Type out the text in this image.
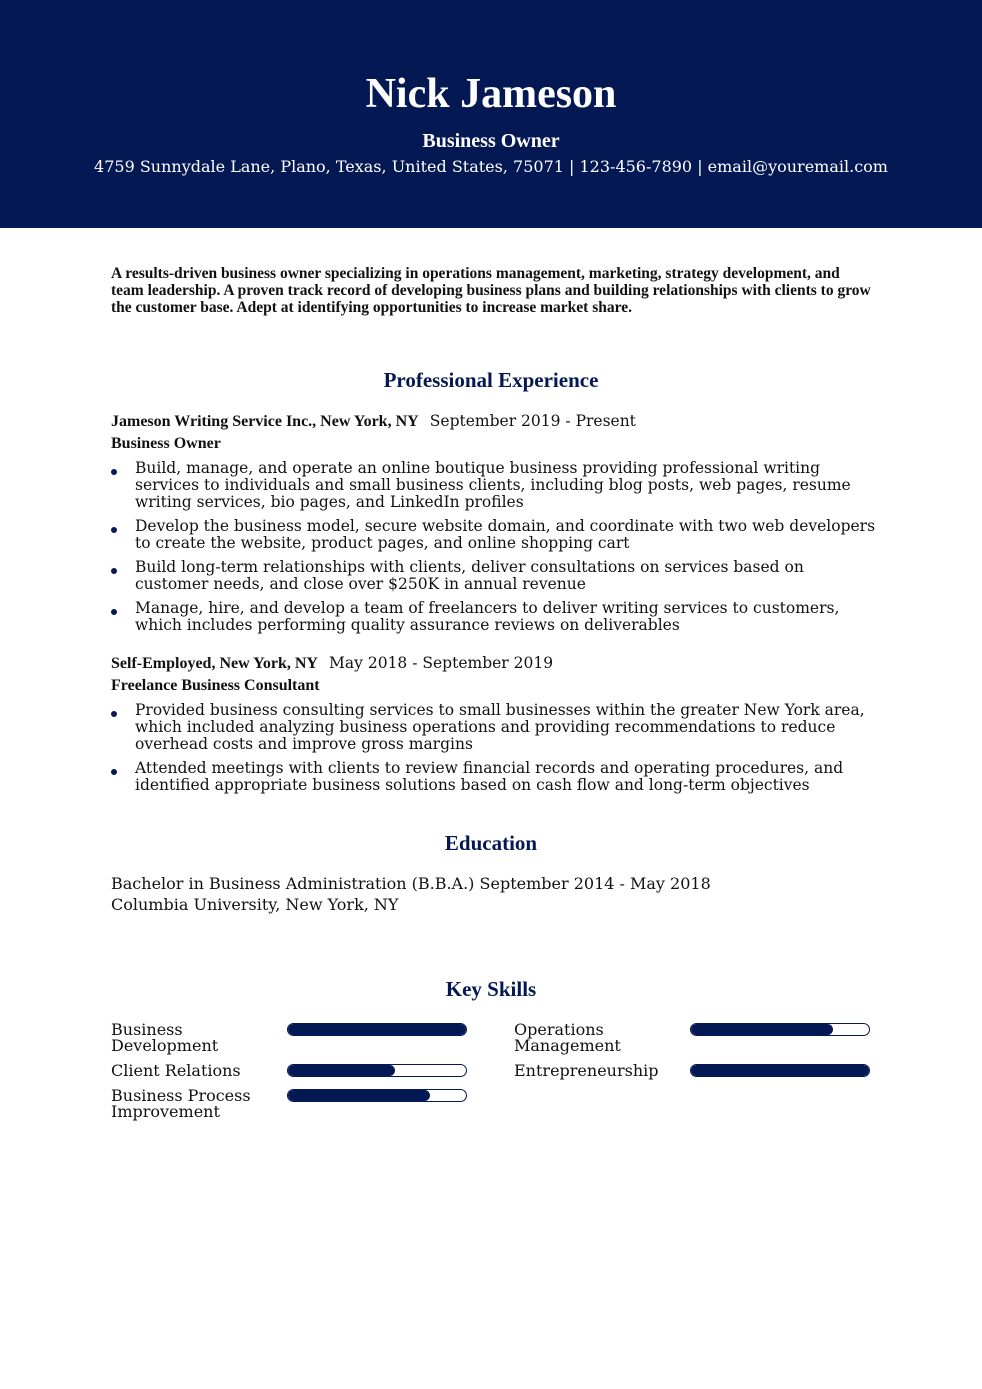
Nick Jameson
Business Owner
4759 Sunnydale Lane, Plano, Texas, United States, 75071 | 123-456-7890 | email@youremail.com

A results-driven business owner specializing in operations management, marketing, strategy development, and team leadership. A proven track record of developing business plans and building relationships with clients to grow the customer base. Adept at identifying opportunities to increase market share.

Professional Experience
Jameson Writing Service Inc., New York, NY September 2019 - Present
Business Owner
Build, manage, and operate an online boutique business providing professional writing services to individuals and small business clients, including blog posts, web pages, resume writing services, bio pages, and LinkedIn profiles
Develop the business model, secure website domain, and coordinate with two web developers to create the website, product pages, and online shopping cart
Build long-term relationships with clients, deliver consultations on services based on customer needs, and close over $250K in annual revenue
Manage, hire, and develop a team of freelancers to deliver writing services to customers, which includes performing quality assurance reviews on deliverables
Self-Employed, New York, NY May 2018 - September 2019
Freelance Business Consultant
Provided business consulting services to small businesses within the greater New York area, which included analyzing business operations and providing recommendations to reduce overhead costs and improve gross margins
Attended meetings with clients to review financial records and operating procedures, and identified appropriate business solutions based on cash flow and long-term objectives
Education
Bachelor in Business Administration (B.B.A.) September 2014 - May 2018
Columbia University, New York, NY
Key Skills
Business Development
Operations Management
Client Relations	Entrepreneurship
Business Process Improvement
